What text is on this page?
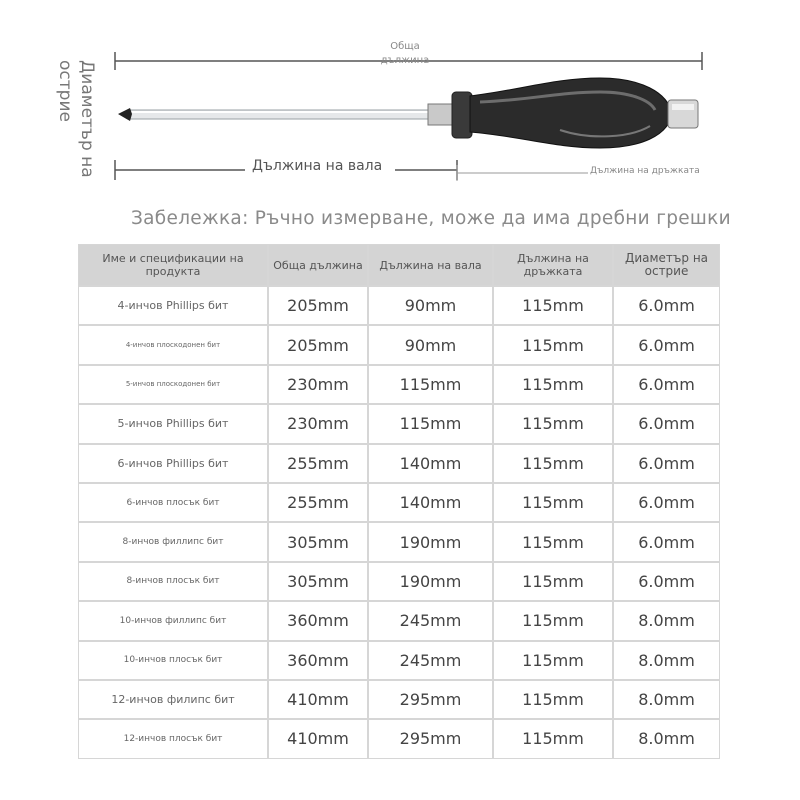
Обща дължина
Дължина на вала	Дължина на дръжката
Диаметър на острие
Забележка: Ръчно измерване, може да има дребни грешки
Име и спецификации на продукта	Обща дължина	Дължина на вала	Дължина на дръжката	Диаметър на острие
4-инчов Phillips бит	205mm	90mm	115mm	6.0mm
4-инчов плоскодонен бит	205mm	90mm	115mm	6.0mm
5-инчов плоскодонен бит	230mm	115mm	115mm	6.0mm
5-инчов Phillips бит	230mm	115mm	115mm	6.0mm
6-инчов Phillips бит	255mm	140mm	115mm	6.0mm
6-инчов плосък бит	255mm	140mm	115mm	6.0mm
8-инчов филлипс бит	305mm	190mm	115mm	6.0mm
8-инчов плосък бит	305mm	190mm	115mm	6.0mm
10-инчов филлипс бит	360mm	245mm	115mm	8.0mm
10-инчов плосък бит	360mm	245mm	115mm	8.0mm
12-инчов филипс бит	410mm	295mm	115mm	8.0mm
12-инчов плосък бит	410mm	295mm	115mm	8.0mm
